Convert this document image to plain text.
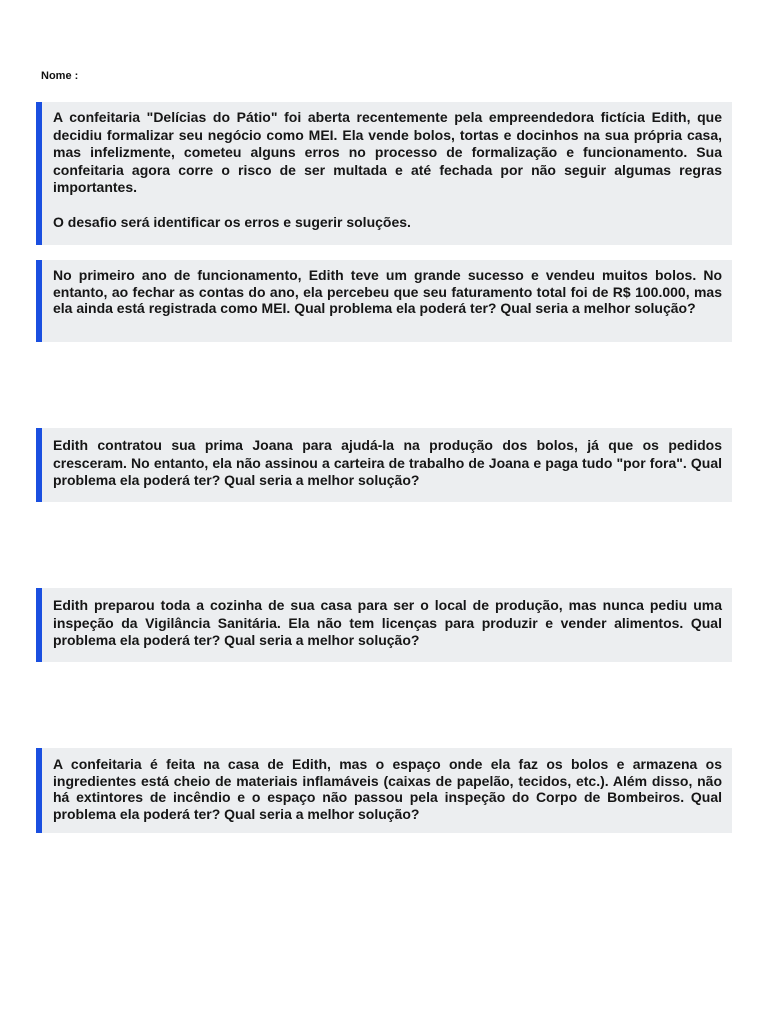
Nome :

A confeitaria "Delícias do Pátio" foi aberta recentemente pela empreendedora fictícia Edith, que decidiu formalizar seu negócio como MEI. Ela vende bolos, tortas e docinhos na sua própria casa, mas infelizmente, cometeu alguns erros no processo de formalização e funcionamento. Sua confeitaria agora corre o risco de ser multada e até fechada por não seguir algumas regras importantes.

O desafio será identificar os erros e sugerir soluções.

No primeiro ano de funcionamento, Edith teve um grande sucesso e vendeu muitos bolos. No entanto, ao fechar as contas do ano, ela percebeu que seu faturamento total foi de R$ 100.000, mas ela ainda está registrada como MEI. Qual problema ela poderá ter? Qual seria a melhor solução?

Edith contratou sua prima Joana para ajudá-la na produção dos bolos, já que os pedidos cresceram. No entanto, ela não assinou a carteira de trabalho de Joana e paga tudo "por fora". Qual problema ela poderá ter? Qual seria a melhor solução?

Edith preparou toda a cozinha de sua casa para ser o local de produção, mas nunca pediu uma inspeção da Vigilância Sanitária. Ela não tem licenças para produzir e vender alimentos. Qual problema ela poderá ter? Qual seria a melhor solução?

A confeitaria é feita na casa de Edith, mas o espaço onde ela faz os bolos e armazena os ingredientes está cheio de materiais inflamáveis (caixas de papelão, tecidos, etc.). Além disso, não há extintores de incêndio e o espaço não passou pela inspeção do Corpo de Bombeiros. Qual problema ela poderá ter? Qual seria a melhor solução?
